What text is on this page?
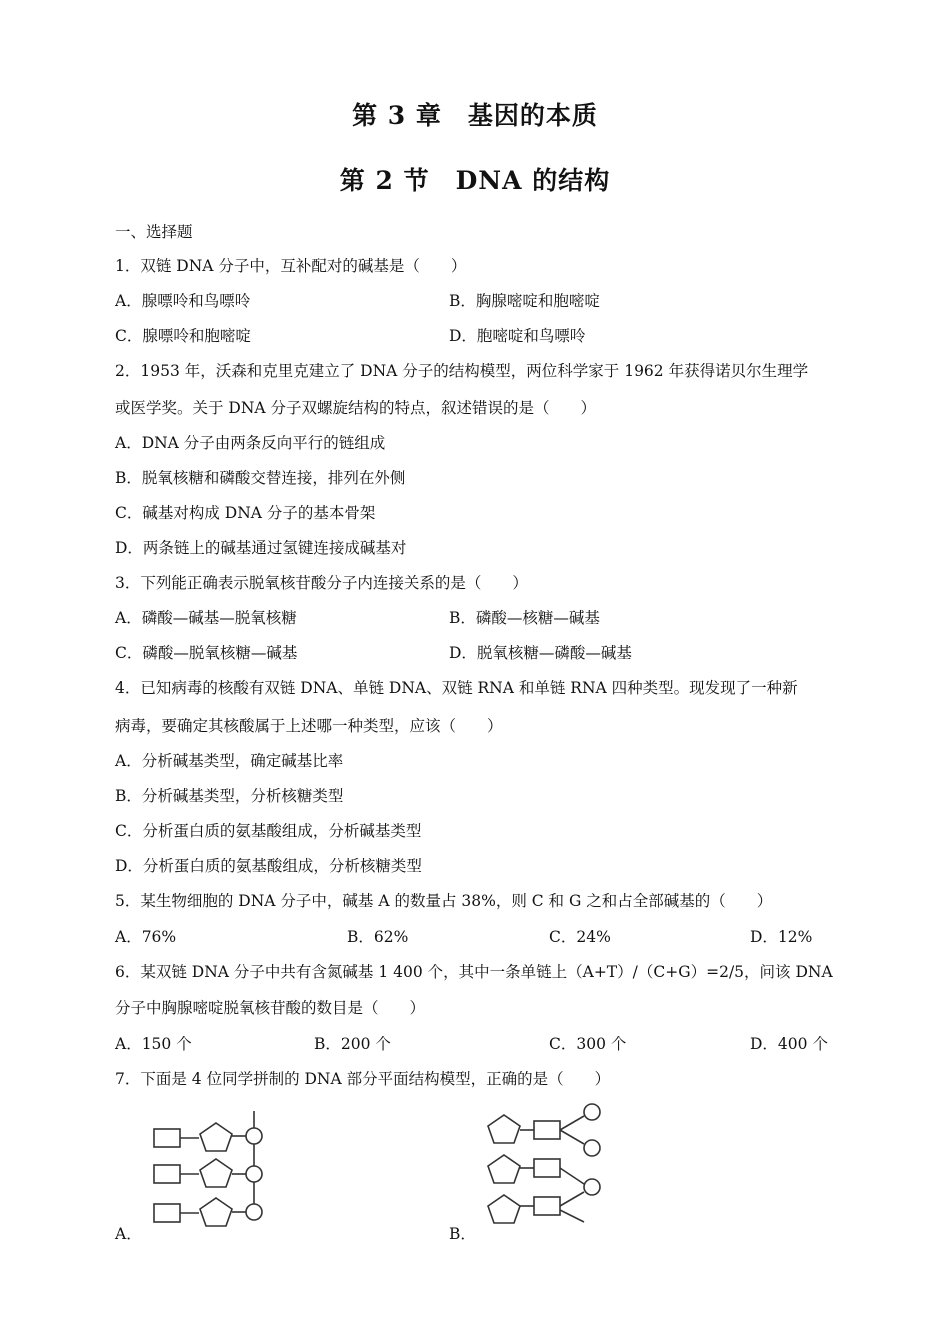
第 3 章　基因的本质
第 2 节　DNA 的结构
一、选择题
1．双链 DNA 分子中，互补配对的碱基是（　　）
A．腺嘌呤和鸟嘌呤	B．胸腺嘧啶和胞嘧啶
C．腺嘌呤和胞嘧啶	D．胞嘧啶和鸟嘌呤
2．1953 年，沃森和克里克建立了 DNA 分子的结构模型，两位科学家于 1962 年获得诺贝尔生理学
或医学奖。关于 DNA 分子双螺旋结构的特点，叙述错误的是（　　）
A．DNA 分子由两条反向平行的链组成
B．脱氧核糖和磷酸交替连接，排列在外侧
C．碱基对构成 DNA 分子的基本骨架
D．两条链上的碱基通过氢键连接成碱基对
3．下列能正确表示脱氧核苷酸分子内连接关系的是（　　）
A．磷酸—碱基—脱氧核糖	B．磷酸—核糖—碱基
C．磷酸—脱氧核糖—碱基	D．脱氧核糖—磷酸—碱基
4．已知病毒的核酸有双链 DNA、单链 DNA、双链 RNA 和单链 RNA 四种类型。现发现了一种新
病毒，要确定其核酸属于上述哪一种类型，应该（　　）
A．分析碱基类型，确定碱基比率
B．分析碱基类型，分析核糖类型
C．分析蛋白质的氨基酸组成，分析碱基类型
D．分析蛋白质的氨基酸组成，分析核糖类型
5．某生物细胞的 DNA 分子中，碱基 A 的数量占 38%，则 C 和 G 之和占全部碱基的（　　）
A．76%	B．62%	C．24%	D．12%
6．某双链 DNA 分子中共有含氮碱基 1 400 个，其中一条单链上（A+T）/（C+G）=2/5，问该 DNA
分子中胸腺嘧啶脱氧核苷酸的数目是（　　）
A．150 个	B．200 个	C．300 个	D．400 个
7．下面是 4 位同学拼制的 DNA 部分平面结构模型，正确的是（　　）
A．	B．
